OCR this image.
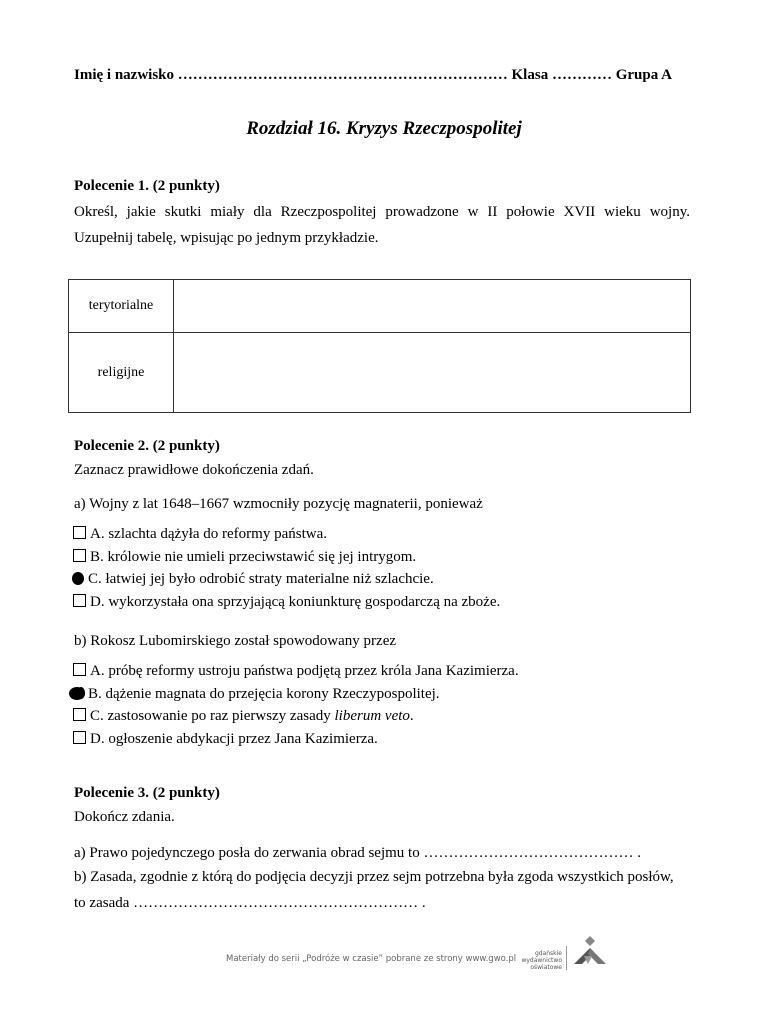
Imię i nazwisko ………………………………………………………… Klasa ………… Grupa A
Rozdział 16. Kryzys Rzeczpospolitej
Polecenie 1. (2 punkty)
Określ, jakie skutki miały dla Rzeczpospolitej prowadzone w II połowie XVII wieku wojny. Uzupełnij tabelę, wpisując po jednym przykładzie.
terytorialne	
religijne	
Polecenie 2. (2 punkty)
Zaznacz prawidłowe dokończenia zdań.
a) Wojny z lat 1648–1667 wzmocniły pozycję magnaterii, ponieważ
A. szlachta dążyła do reformy państwa.
B. królowie nie umieli przeciwstawić się jej intrygom.
C. łatwiej jej było odrobić straty materialne niż szlachcie.
D. wykorzystała ona sprzyjającą koniunkturę gospodarczą na zboże.
b) Rokosz Lubomirskiego został spowodowany przez
A. próbę reformy ustroju państwa podjętą przez króla Jana Kazimierza.
B. dążenie magnata do przejęcia korony Rzeczypospolitej.
C. zastosowanie po raz pierwszy zasady liberum veto.
D. ogłoszenie abdykacji przez Jana Kazimierza.
Polecenie 3. (2 punkty)
Dokończ zdania.
a) Prawo pojedynczego posła do zerwania obrad sejmu to …………………………………… .
b) Zasada, zgodnie z którą do podjęcia decyzji przez sejm potrzebna była zgoda wszystkich posłów,
to zasada ………………………………………………… .
Materiały do serii „Podróże w czasie” pobrane ze strony www.gwo.pl
gdańskie
wydawnictwo
oświatowe
